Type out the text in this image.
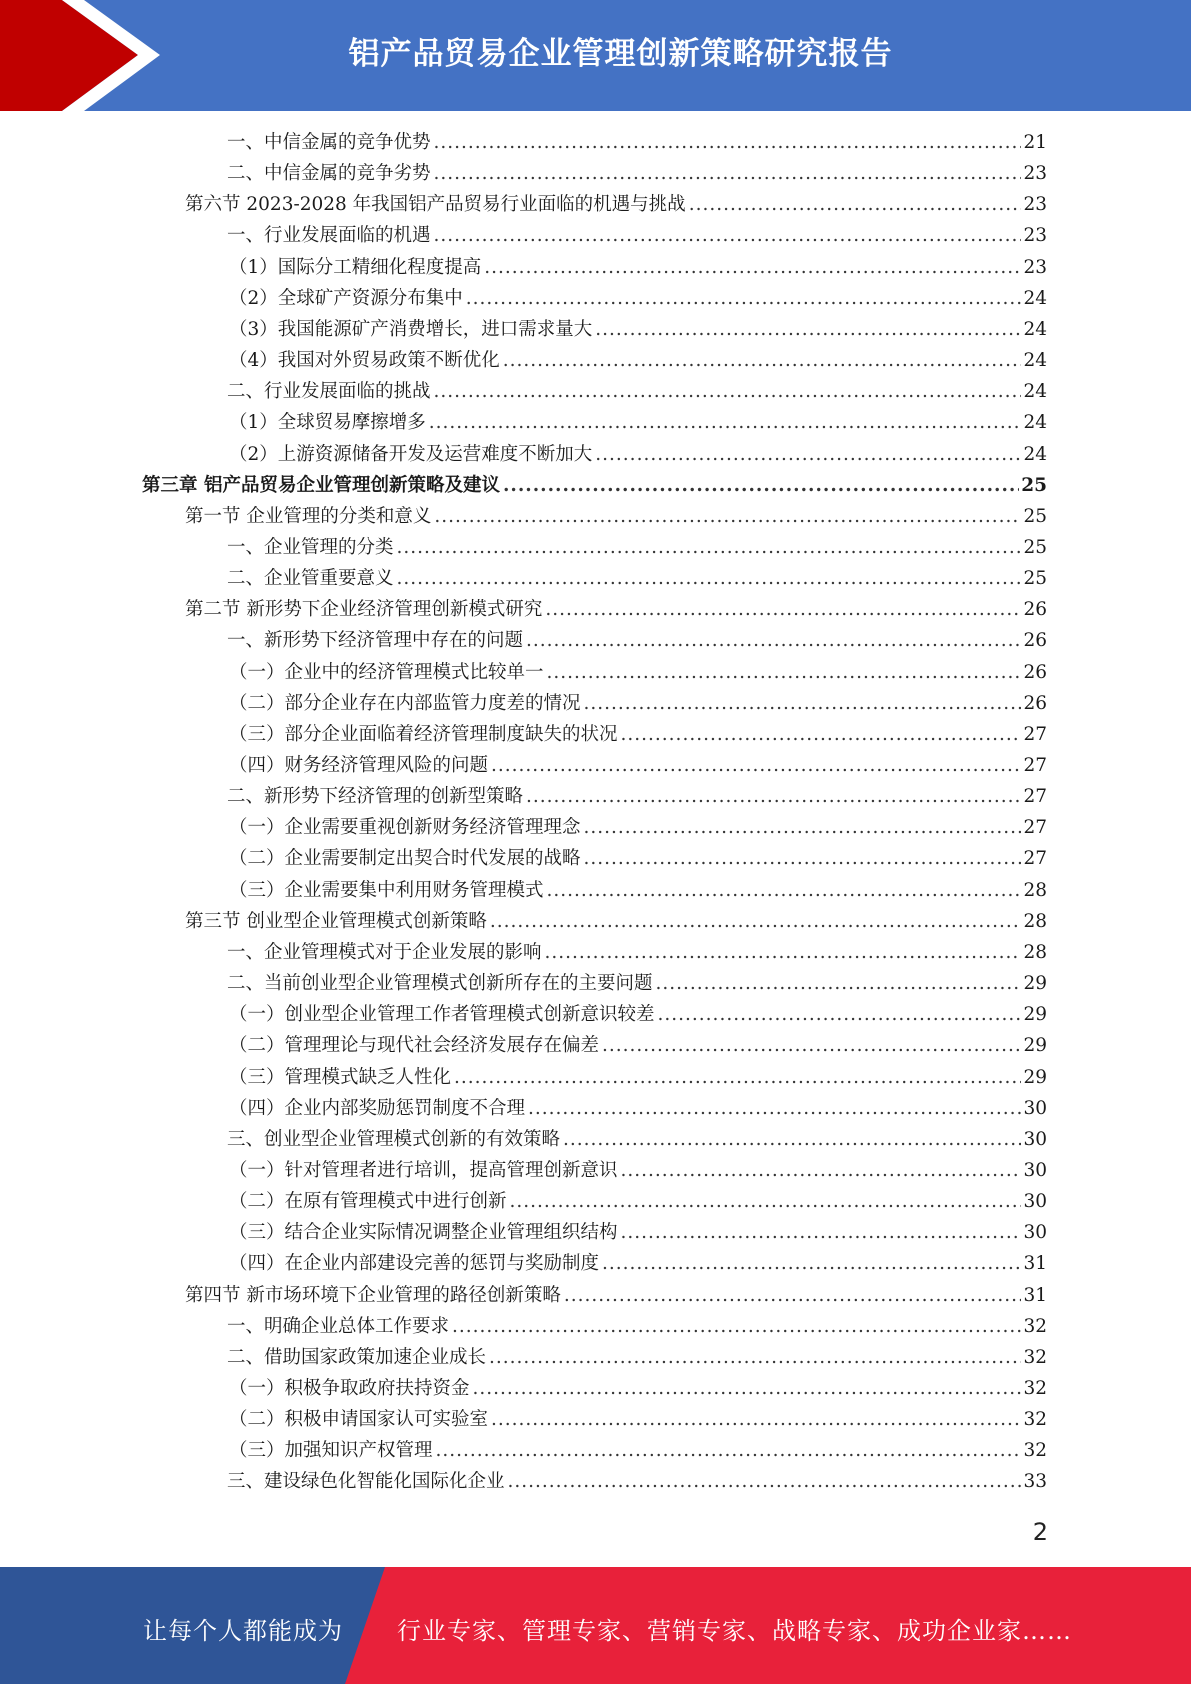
铝产品贸易企业管理创新策略研究报告
一、中信金属的竞争优势 .....	21
二、中信金属的竞争劣势 .....	23
第六节 2023-2028 年我国铝产品贸易行业面临的机遇与挑战 .....	23
一、行业发展面临的机遇 .....	23
（1）国际分工精细化程度提高 .....	23
（2）全球矿产资源分布集中 .....	24
（3）我国能源矿产消费增长，进口需求量大 .....	24
（4）我国对外贸易政策不断优化 .....	24
二、行业发展面临的挑战 .....	24
（1）全球贸易摩擦增多 .....	24
（2）上游资源储备开发及运营难度不断加大 .....	24
第三章 铝产品贸易企业管理创新策略及建议 .....	25
第一节 企业管理的分类和意义 .....	25
一、企业管理的分类 .....	25
二、企业管重要意义 .....	25
第二节 新形势下企业经济管理创新模式研究 .....	26
一、新形势下经济管理中存在的问题 .....	26
（一）企业中的经济管理模式比较单一 .....	26
（二）部分企业存在内部监管力度差的情况 .....	26
（三）部分企业面临着经济管理制度缺失的状况 .....	27
（四）财务经济管理风险的问题 .....	27
二、新形势下经济管理的创新型策略 .....	27
（一）企业需要重视创新财务经济管理理念 .....	27
（二）企业需要制定出契合时代发展的战略 .....	27
（三）企业需要集中利用财务管理模式 .....	28
第三节 创业型企业管理模式创新策略 .....	28
一、企业管理模式对于企业发展的影响 .....	28
二、当前创业型企业管理模式创新所存在的主要问题 .....	29
（一）创业型企业管理工作者管理模式创新意识较差 .....	29
（二）管理理论与现代社会经济发展存在偏差 .....	29
（三）管理模式缺乏人性化 .....	29
（四）企业内部奖励惩罚制度不合理 .....	30
三、创业型企业管理模式创新的有效策略 .....	30
（一）针对管理者进行培训，提高管理创新意识 .....	30
（二）在原有管理模式中进行创新 .....	30
（三）结合企业实际情况调整企业管理组织结构 .....	30
（四）在企业内部建设完善的惩罚与奖励制度 .....	31
第四节 新市场环境下企业管理的路径创新策略 .....	31
一、明确企业总体工作要求 .....	32
二、借助国家政策加速企业成长 .....	32
（一）积极争取政府扶持资金 .....	32
（二）积极申请国家认可实验室 .....	32
（三）加强知识产权管理 .....	32
三、建设绿色化智能化国际化企业 .....	33
2
让每个人都能成为 行业专家、管理专家、营销专家、战略专家、成功企业家……
